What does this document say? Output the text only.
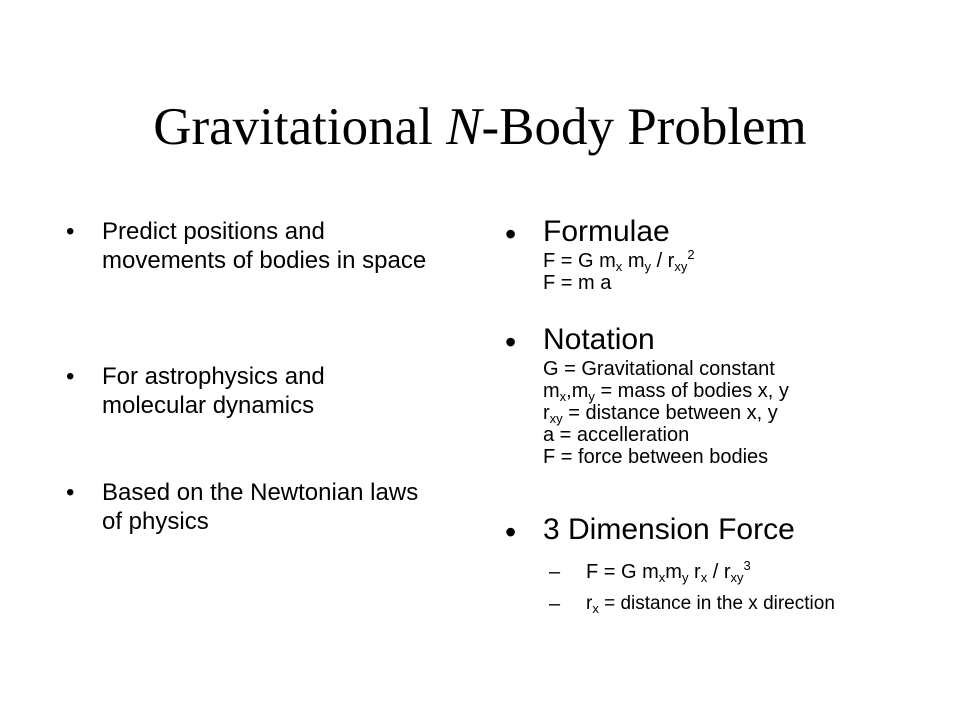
Gravitational N-Body Problem
• Predict positions and movements of bodies in space
• For astrophysics and molecular dynamics
• Based on the Newtonian laws of physics
• Formulae
F = G $m_x$ $m_y / r_{xy}^2$
F = m a
• Notation
G = Gravitational constant
$m_x,m_y$ = mass of bodies x, y
$r_{xy}$ = distance between x, y
a = accelleration
F = force between bodies
• 3 Dimension Force
– F = G $m_xm_y$ $r_x / r_{xy}^3$
– $r_x$ = distance in the x direction
